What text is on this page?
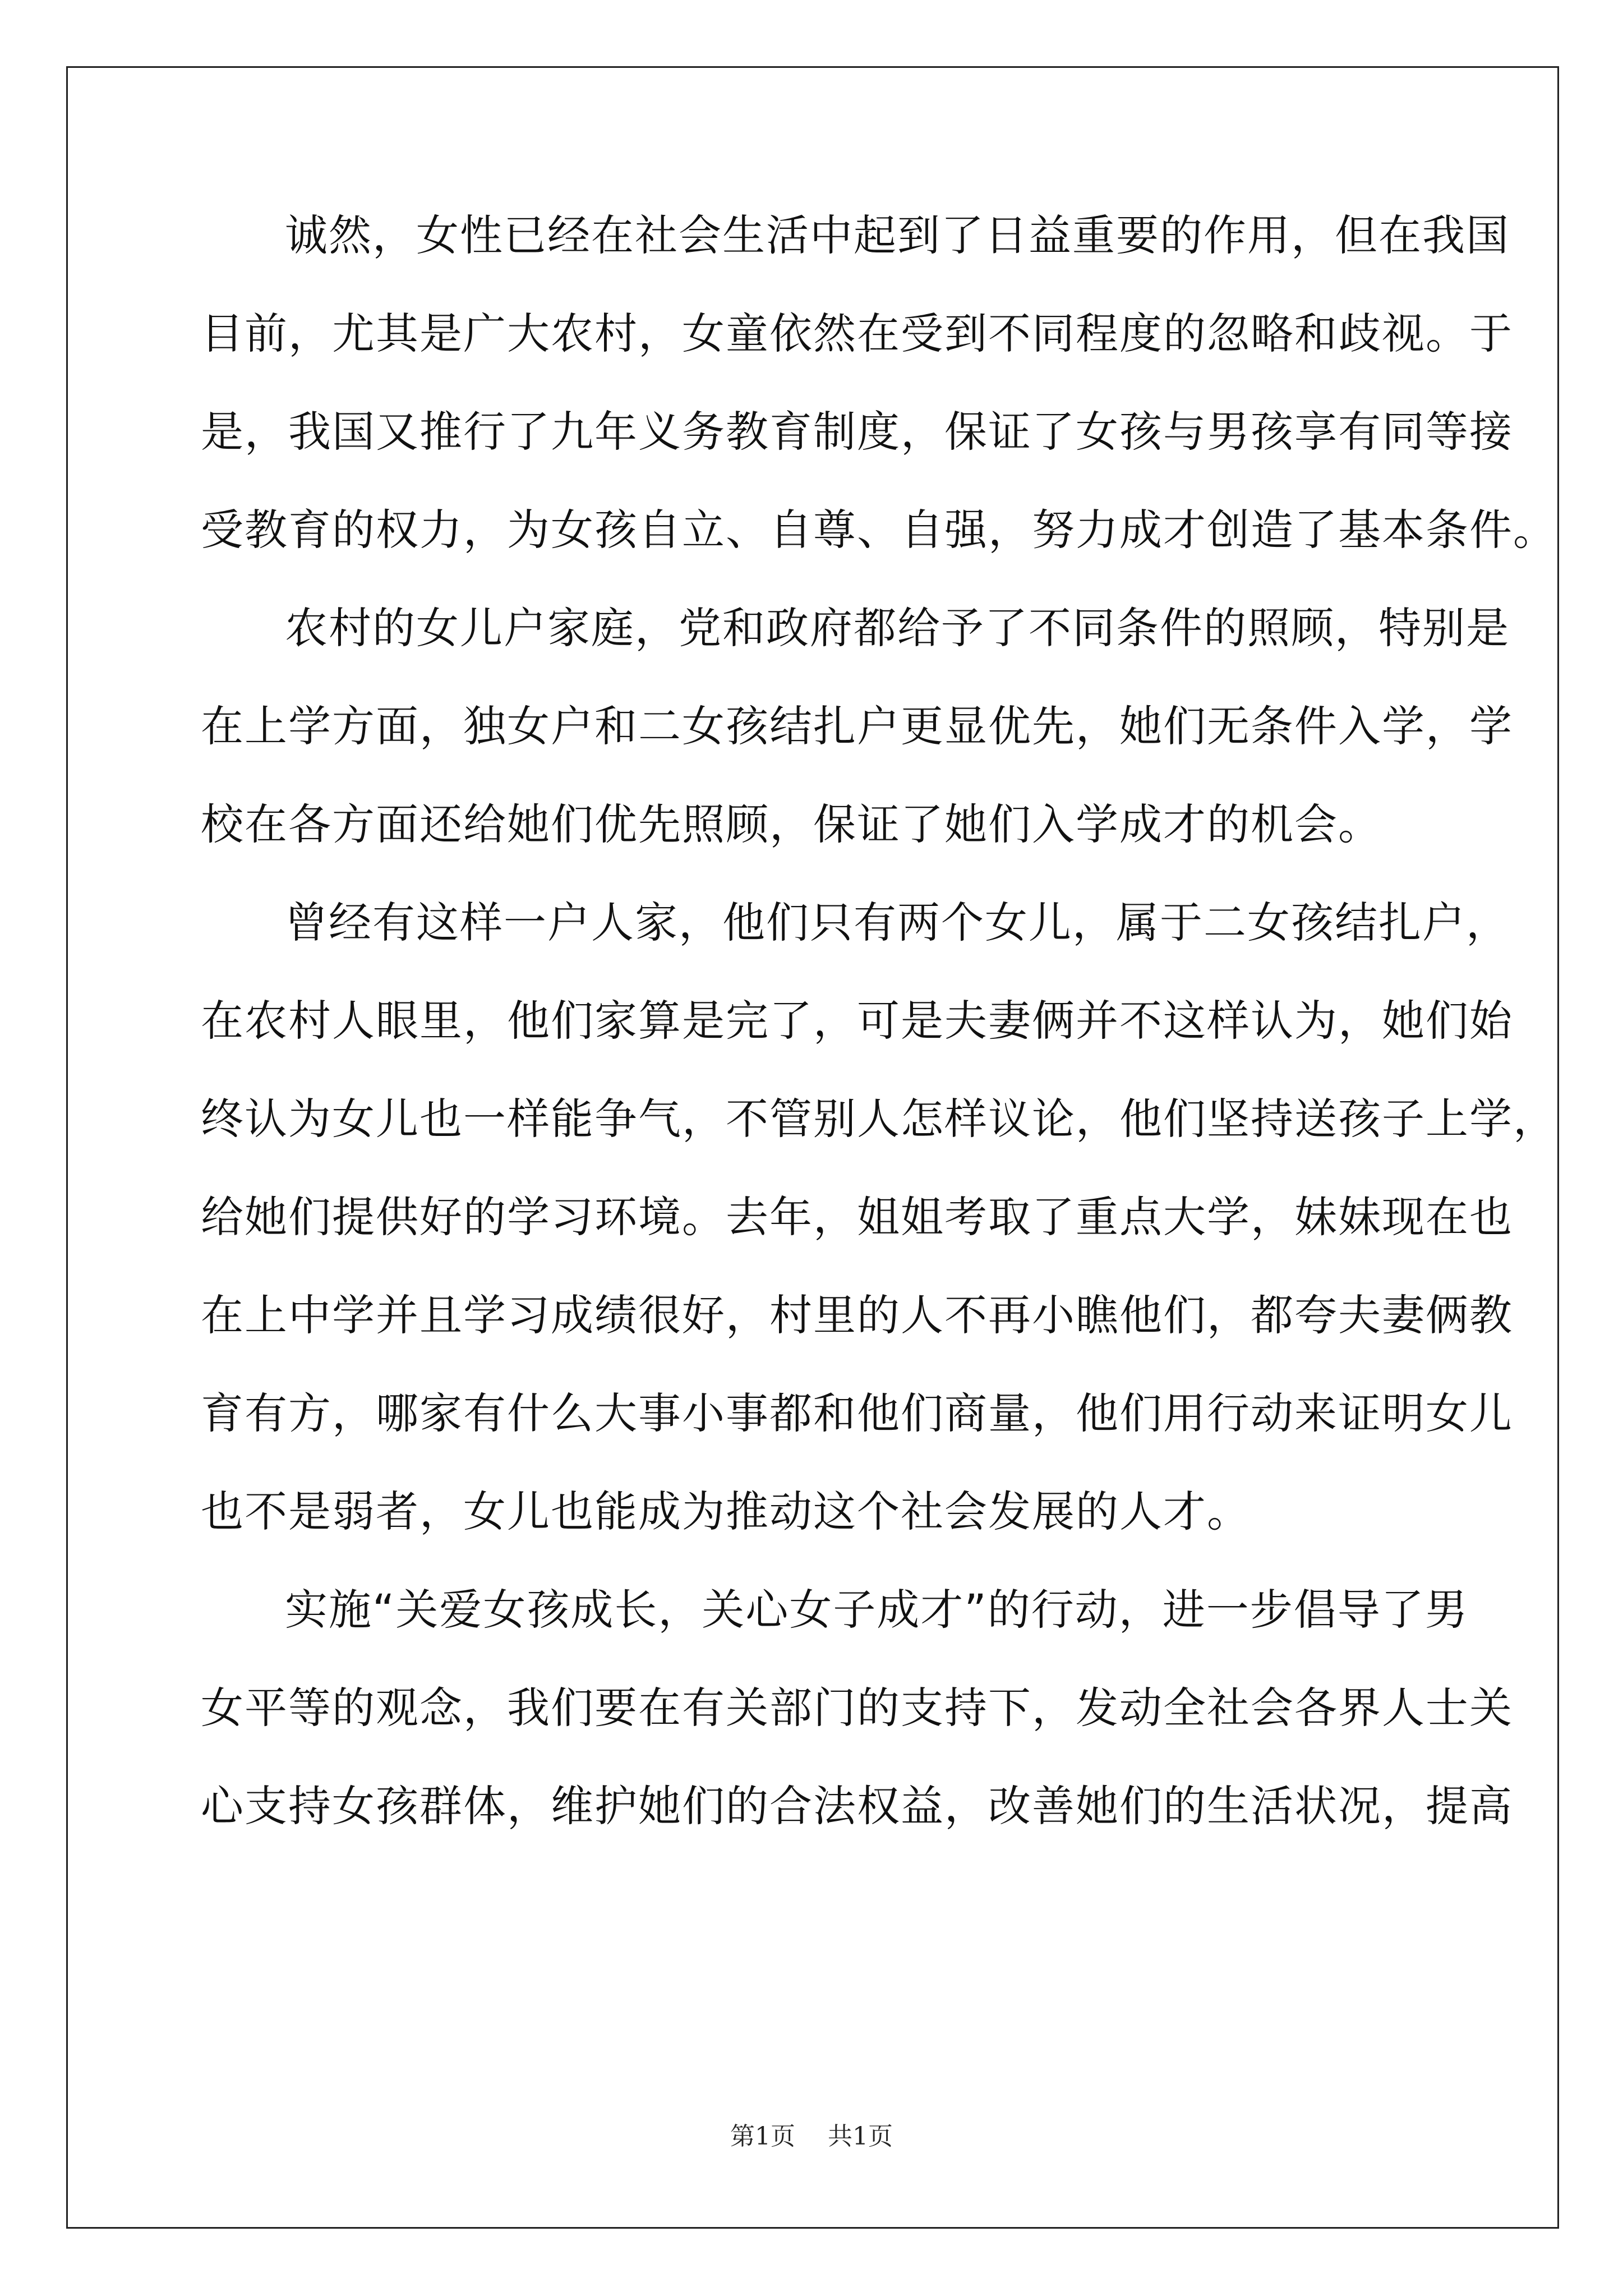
诚然，女性已经在社会生活中起到了日益重要的作用，但在我国
目前，尤其是广大农村，女童依然在受到不同程度的忽略和歧视。于
是，我国又推行了九年义务教育制度，保证了女孩与男孩享有同等接
受教育的权力，为女孩自立、自尊、自强，努力成才创造了基本条件。
农村的女儿户家庭，党和政府都给予了不同条件的照顾，特别是
在上学方面，独女户和二女孩结扎户更显优先，她们无条件入学，学
校在各方面还给她们优先照顾，保证了她们入学成才的机会。
曾经有这样一户人家，他们只有两个女儿，属于二女孩结扎户，
在农村人眼里，他们家算是完了，可是夫妻俩并不这样认为，她们始
终认为女儿也一样能争气，不管别人怎样议论，他们坚持送孩子上学，
给她们提供好的学习环境。去年，姐姐考取了重点大学，妹妹现在也
在上中学并且学习成绩很好，村里的人不再小瞧他们，都夸夫妻俩教
育有方，哪家有什么大事小事都和他们商量，他们用行动来证明女儿
也不是弱者，女儿也能成为推动这个社会发展的人才。
实施“关爱女孩成长，关心女子成才”的行动，进一步倡导了男
女平等的观念，我们要在有关部门的支持下，发动全社会各界人士关
心支持女孩群体，维护她们的合法权益，改善她们的生活状况，提高
第1页 共1页
